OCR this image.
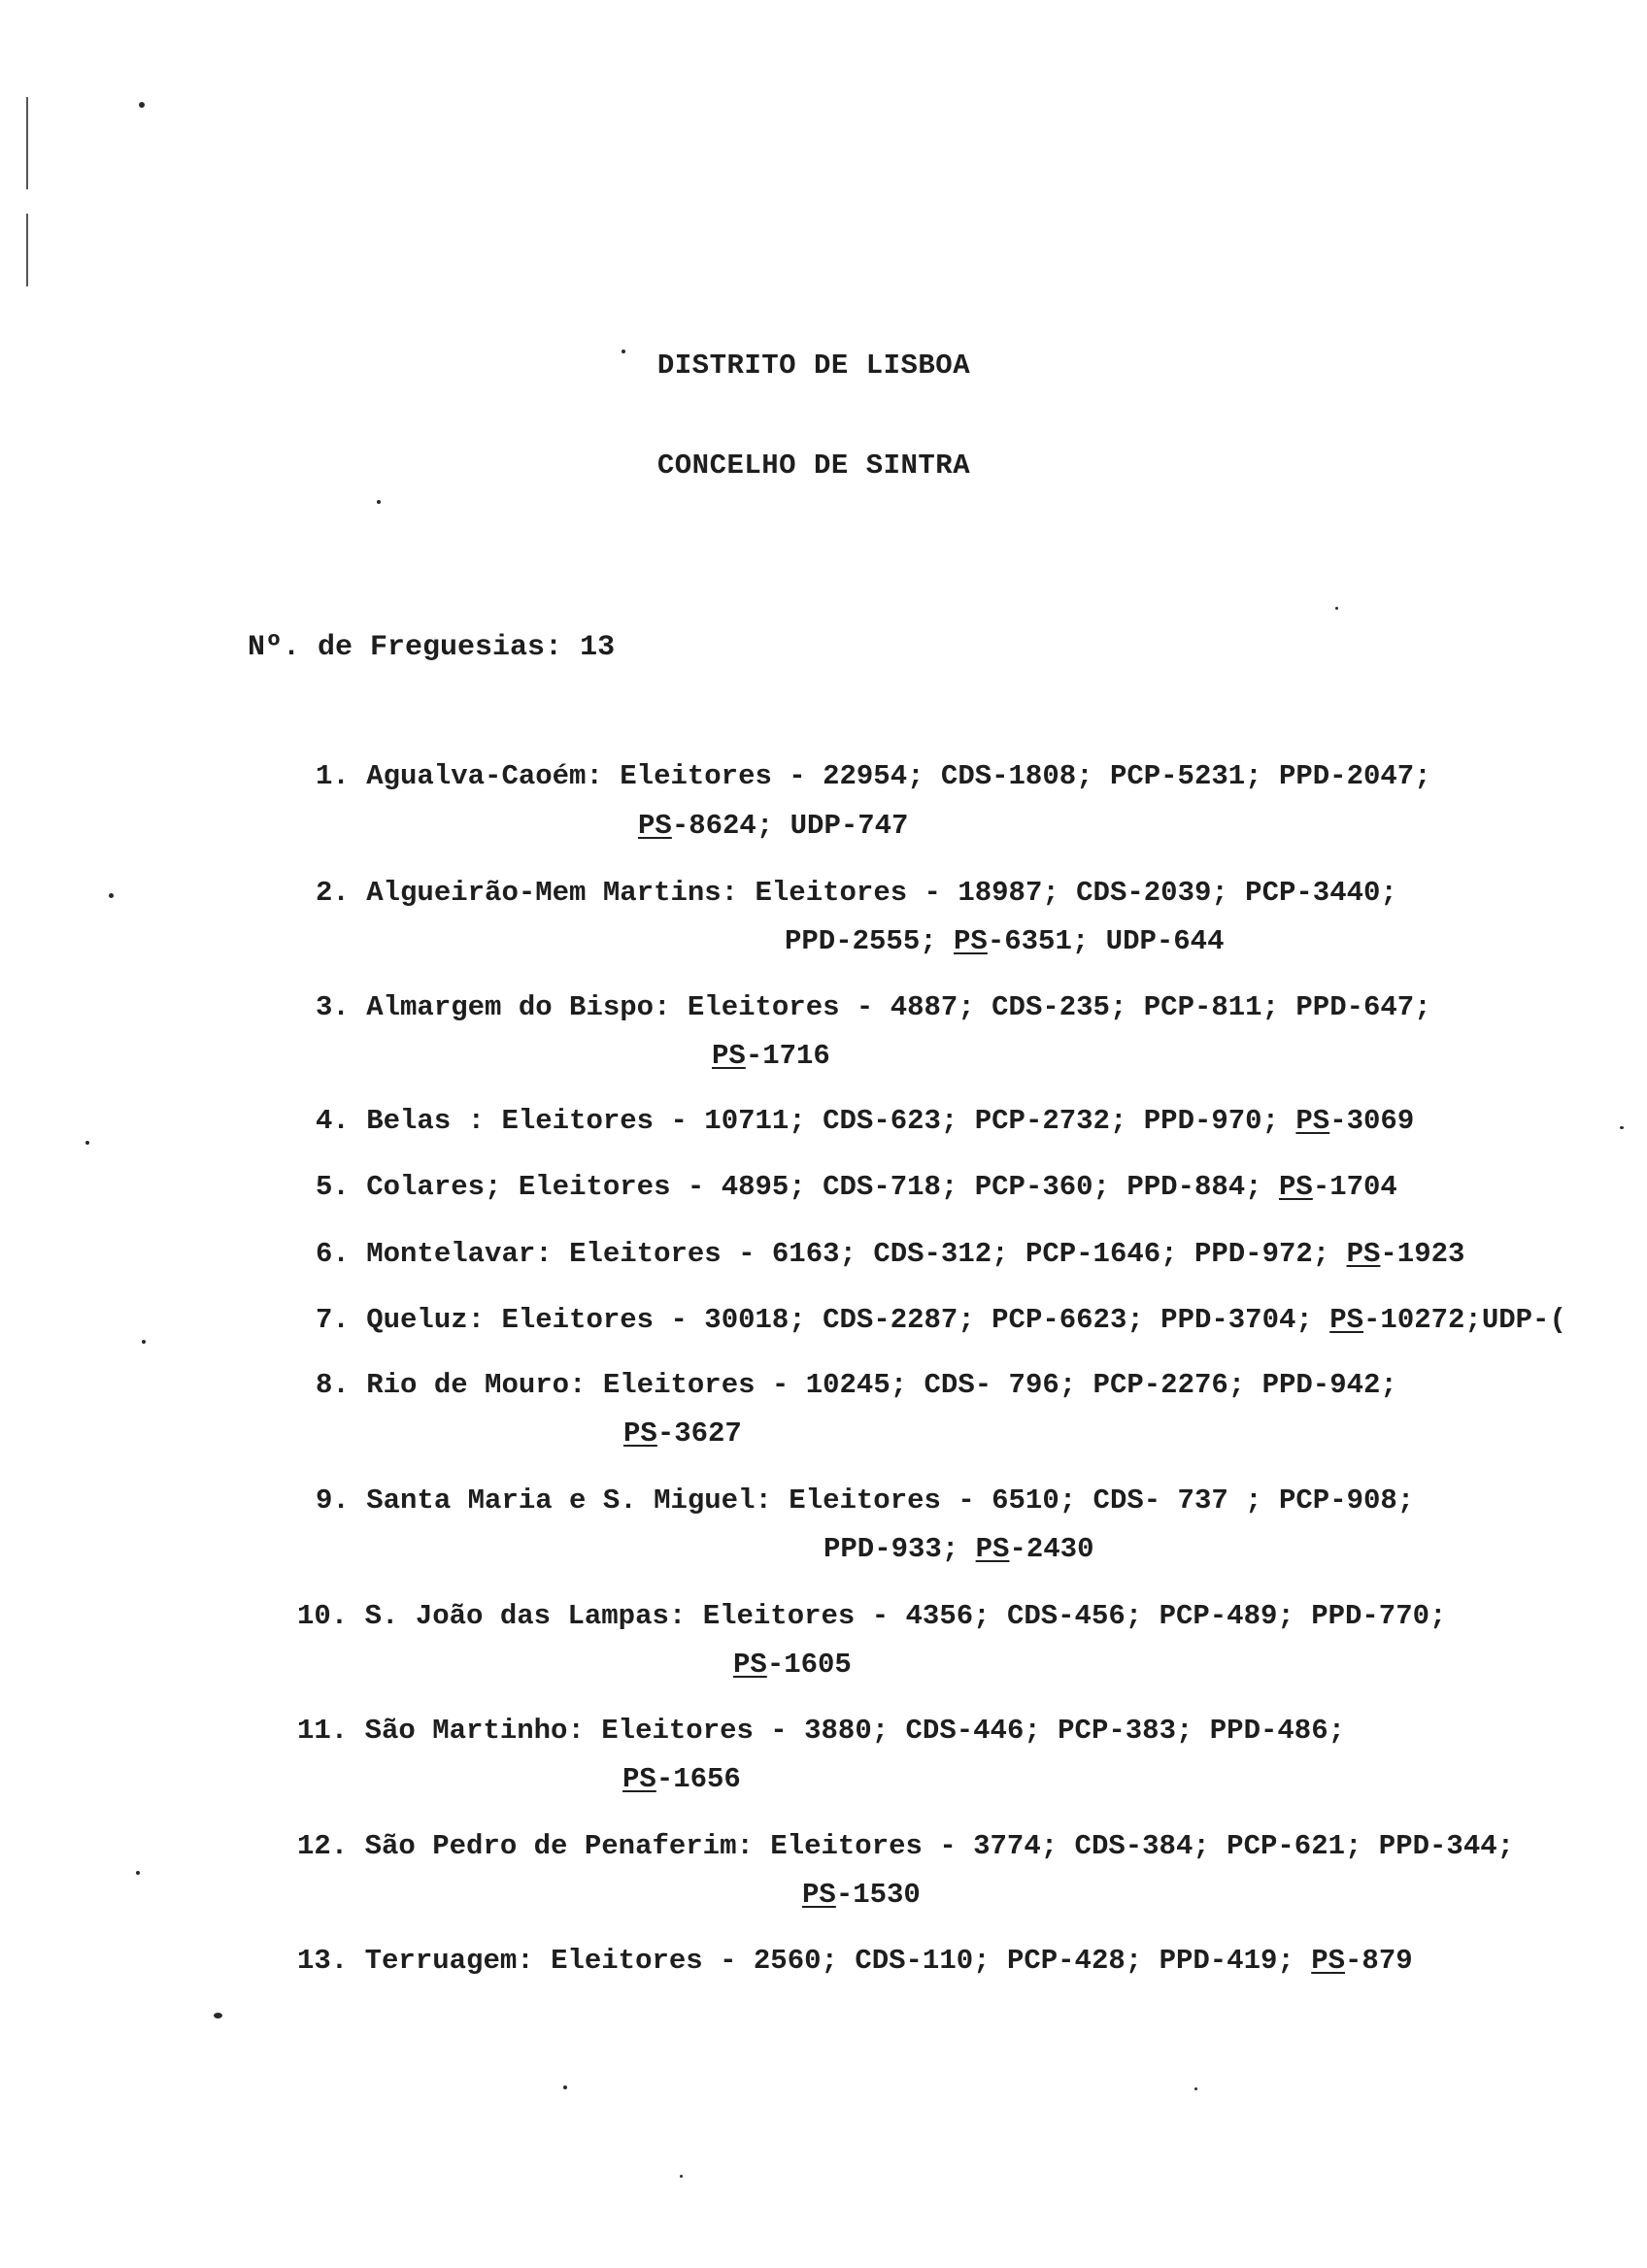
DISTRITO DE LISBOA
CONCELHO DE SINTRA
Nº. de Freguesias: 13
1. Agualva-Caoém: Eleitores - 22954; CDS-1808; PCP-5231; PPD-2047;
PS-8624; UDP-747
2. Algueirão-Mem Martins: Eleitores - 18987; CDS-2039; PCP-3440;
PPD-2555; PS-6351; UDP-644
3. Almargem do Bispo: Eleitores - 4887; CDS-235; PCP-811; PPD-647;
PS-1716
4. Belas : Eleitores - 10711; CDS-623; PCP-2732; PPD-970; PS-3069
5. Colares; Eleitores - 4895; CDS-718; PCP-360; PPD-884; PS-1704
6. Montelavar: Eleitores - 6163; CDS-312; PCP-1646; PPD-972; PS-1923
7. Queluz: Eleitores - 30018; CDS-2287; PCP-6623; PPD-3704; PS-10272;UDP-(
8. Rio de Mouro: Eleitores - 10245; CDS- 796; PCP-2276; PPD-942;
PS-3627
9. Santa Maria e S. Miguel: Eleitores - 6510; CDS- 737 ; PCP-908;
PPD-933; PS-2430
10. S. João das Lampas: Eleitores - 4356; CDS-456; PCP-489; PPD-770;
PS-1605
11. São Martinho: Eleitores - 3880; CDS-446; PCP-383; PPD-486;
PS-1656
12. São Pedro de Penaferim: Eleitores - 3774; CDS-384; PCP-621; PPD-344;
PS-1530
13. Terruagem: Eleitores - 2560; CDS-110; PCP-428; PPD-419; PS-879
